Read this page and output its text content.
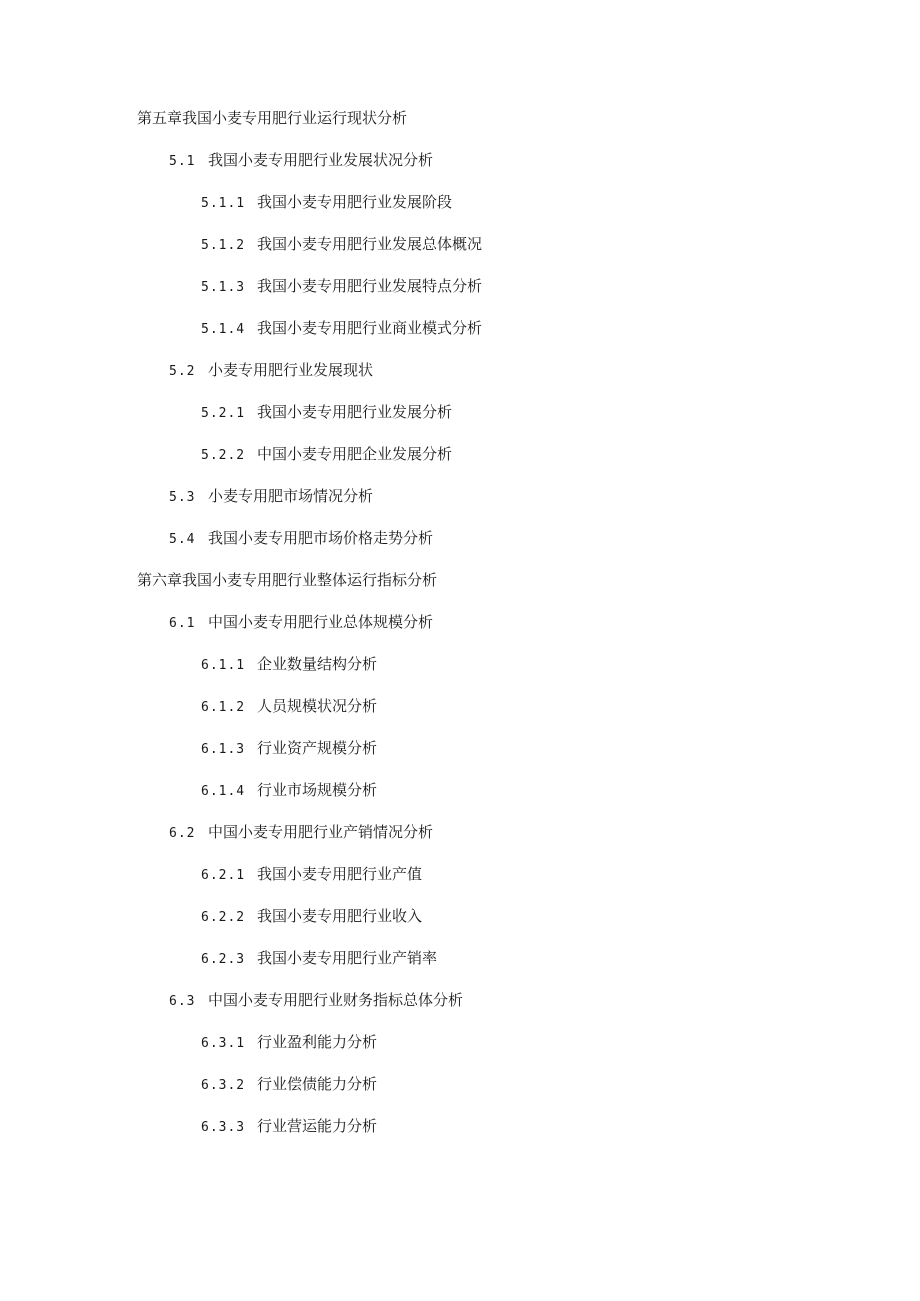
第五章我国小麦专用肥行业运行现状分析
5.1 我国小麦专用肥行业发展状况分析
5.1.1 我国小麦专用肥行业发展阶段
5.1.2 我国小麦专用肥行业发展总体概况
5.1.3 我国小麦专用肥行业发展特点分析
5.1.4 我国小麦专用肥行业商业模式分析
5.2 小麦专用肥行业发展现状
5.2.1 我国小麦专用肥行业发展分析
5.2.2 中国小麦专用肥企业发展分析
5.3 小麦专用肥市场情况分析
5.4 我国小麦专用肥市场价格走势分析
第六章我国小麦专用肥行业整体运行指标分析
6.1 中国小麦专用肥行业总体规模分析
6.1.1 企业数量结构分析
6.1.2 人员规模状况分析
6.1.3 行业资产规模分析
6.1.4 行业市场规模分析
6.2 中国小麦专用肥行业产销情况分析
6.2.1 我国小麦专用肥行业产值
6.2.2 我国小麦专用肥行业收入
6.2.3 我国小麦专用肥行业产销率
6.3 中国小麦专用肥行业财务指标总体分析
6.3.1 行业盈利能力分析
6.3.2 行业偿债能力分析
6.3.3 行业营运能力分析
